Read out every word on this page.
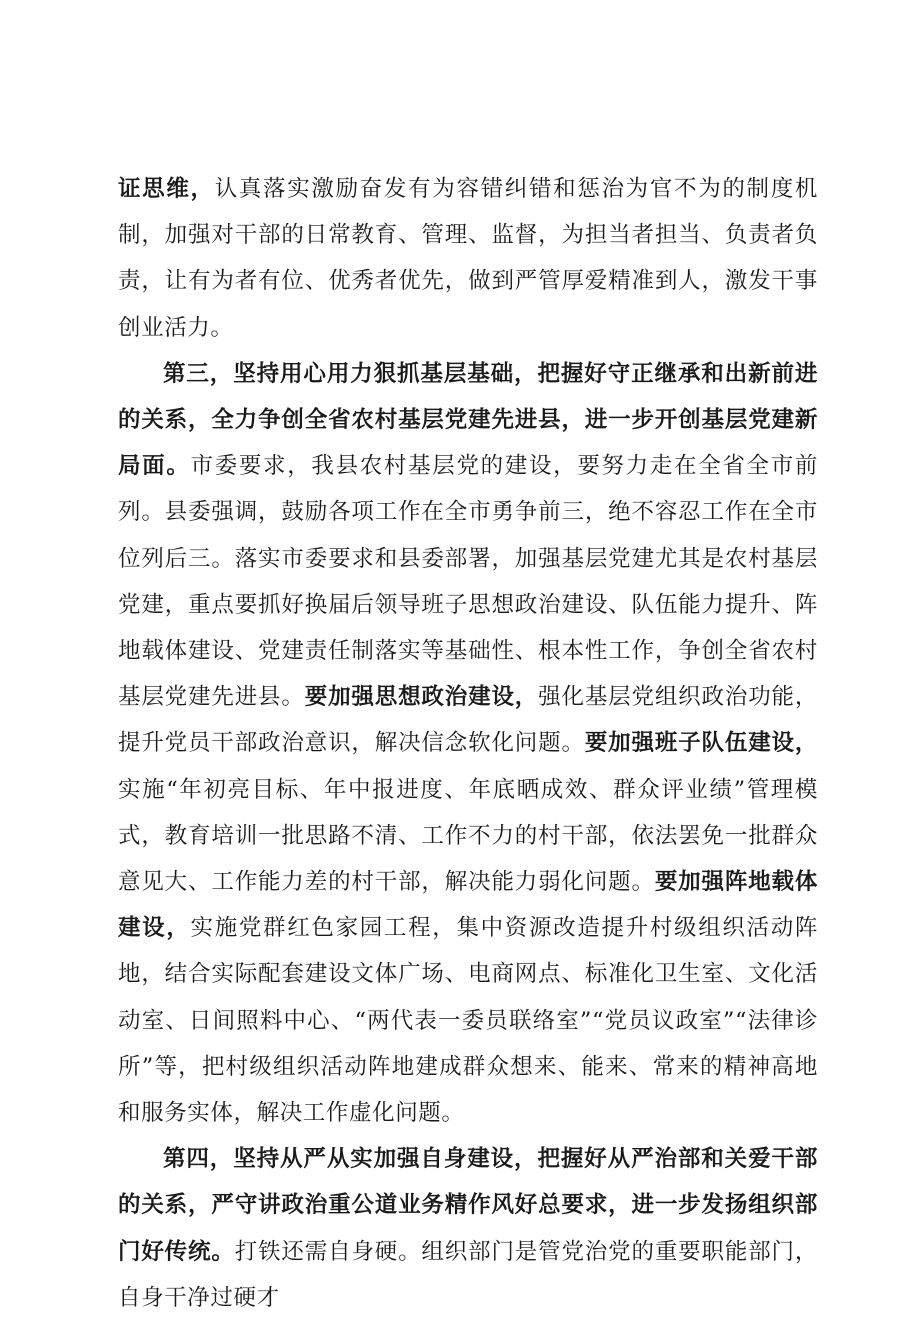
证思维，认真落实激励奋发有为容错纠错和惩治为官不为的制度机制，加强对干部的日常教育、管理、监督，为担当者担当、负责者负责，让有为者有位、优秀者优先，做到严管厚爱精准到人，激发干事创业活力。

第三，坚持用心用力狠抓基层基础，把握好守正继承和出新前进的关系，全力争创全省农村基层党建先进县，进一步开创基层党建新局面。市委要求，我县农村基层党的建设，要努力走在全省全市前列。县委强调，鼓励各项工作在全市勇争前三，绝不容忍工作在全市位列后三。落实市委要求和县委部署，加强基层党建尤其是农村基层党建，重点要抓好换届后领导班子思想政治建设、队伍能力提升、阵地载体建设、党建责任制落实等基础性、根本性工作，争创全省农村基层党建先进县。要加强思想政治建设，强化基层党组织政治功能，提升党员干部政治意识，解决信念软化问题。要加强班子队伍建设，实施“年初亮目标、年中报进度、年底晒成效、群众评业绩”管理模式，教育培训一批思路不清、工作不力的村干部，依法罢免一批群众意见大、工作能力差的村干部，解决能力弱化问题。要加强阵地载体建设，实施党群红色家园工程，集中资源改造提升村级组织活动阵地，结合实际配套建设文体广场、电商网点、标准化卫生室、文化活动室、日间照料中心、“两代表一委员联络室”“党员议政室”“法律诊所”等，把村级组织活动阵地建成群众想来、能来、常来的精神高地和服务实体，解决工作虚化问题。

第四，坚持从严从实加强自身建设，把握好从严治部和关爱干部的关系，严守讲政治重公道业务精作风好总要求，进一步发扬组织部门好传统。打铁还需自身硬。组织部门是管党治党的重要职能部门，自身干净过硬才
